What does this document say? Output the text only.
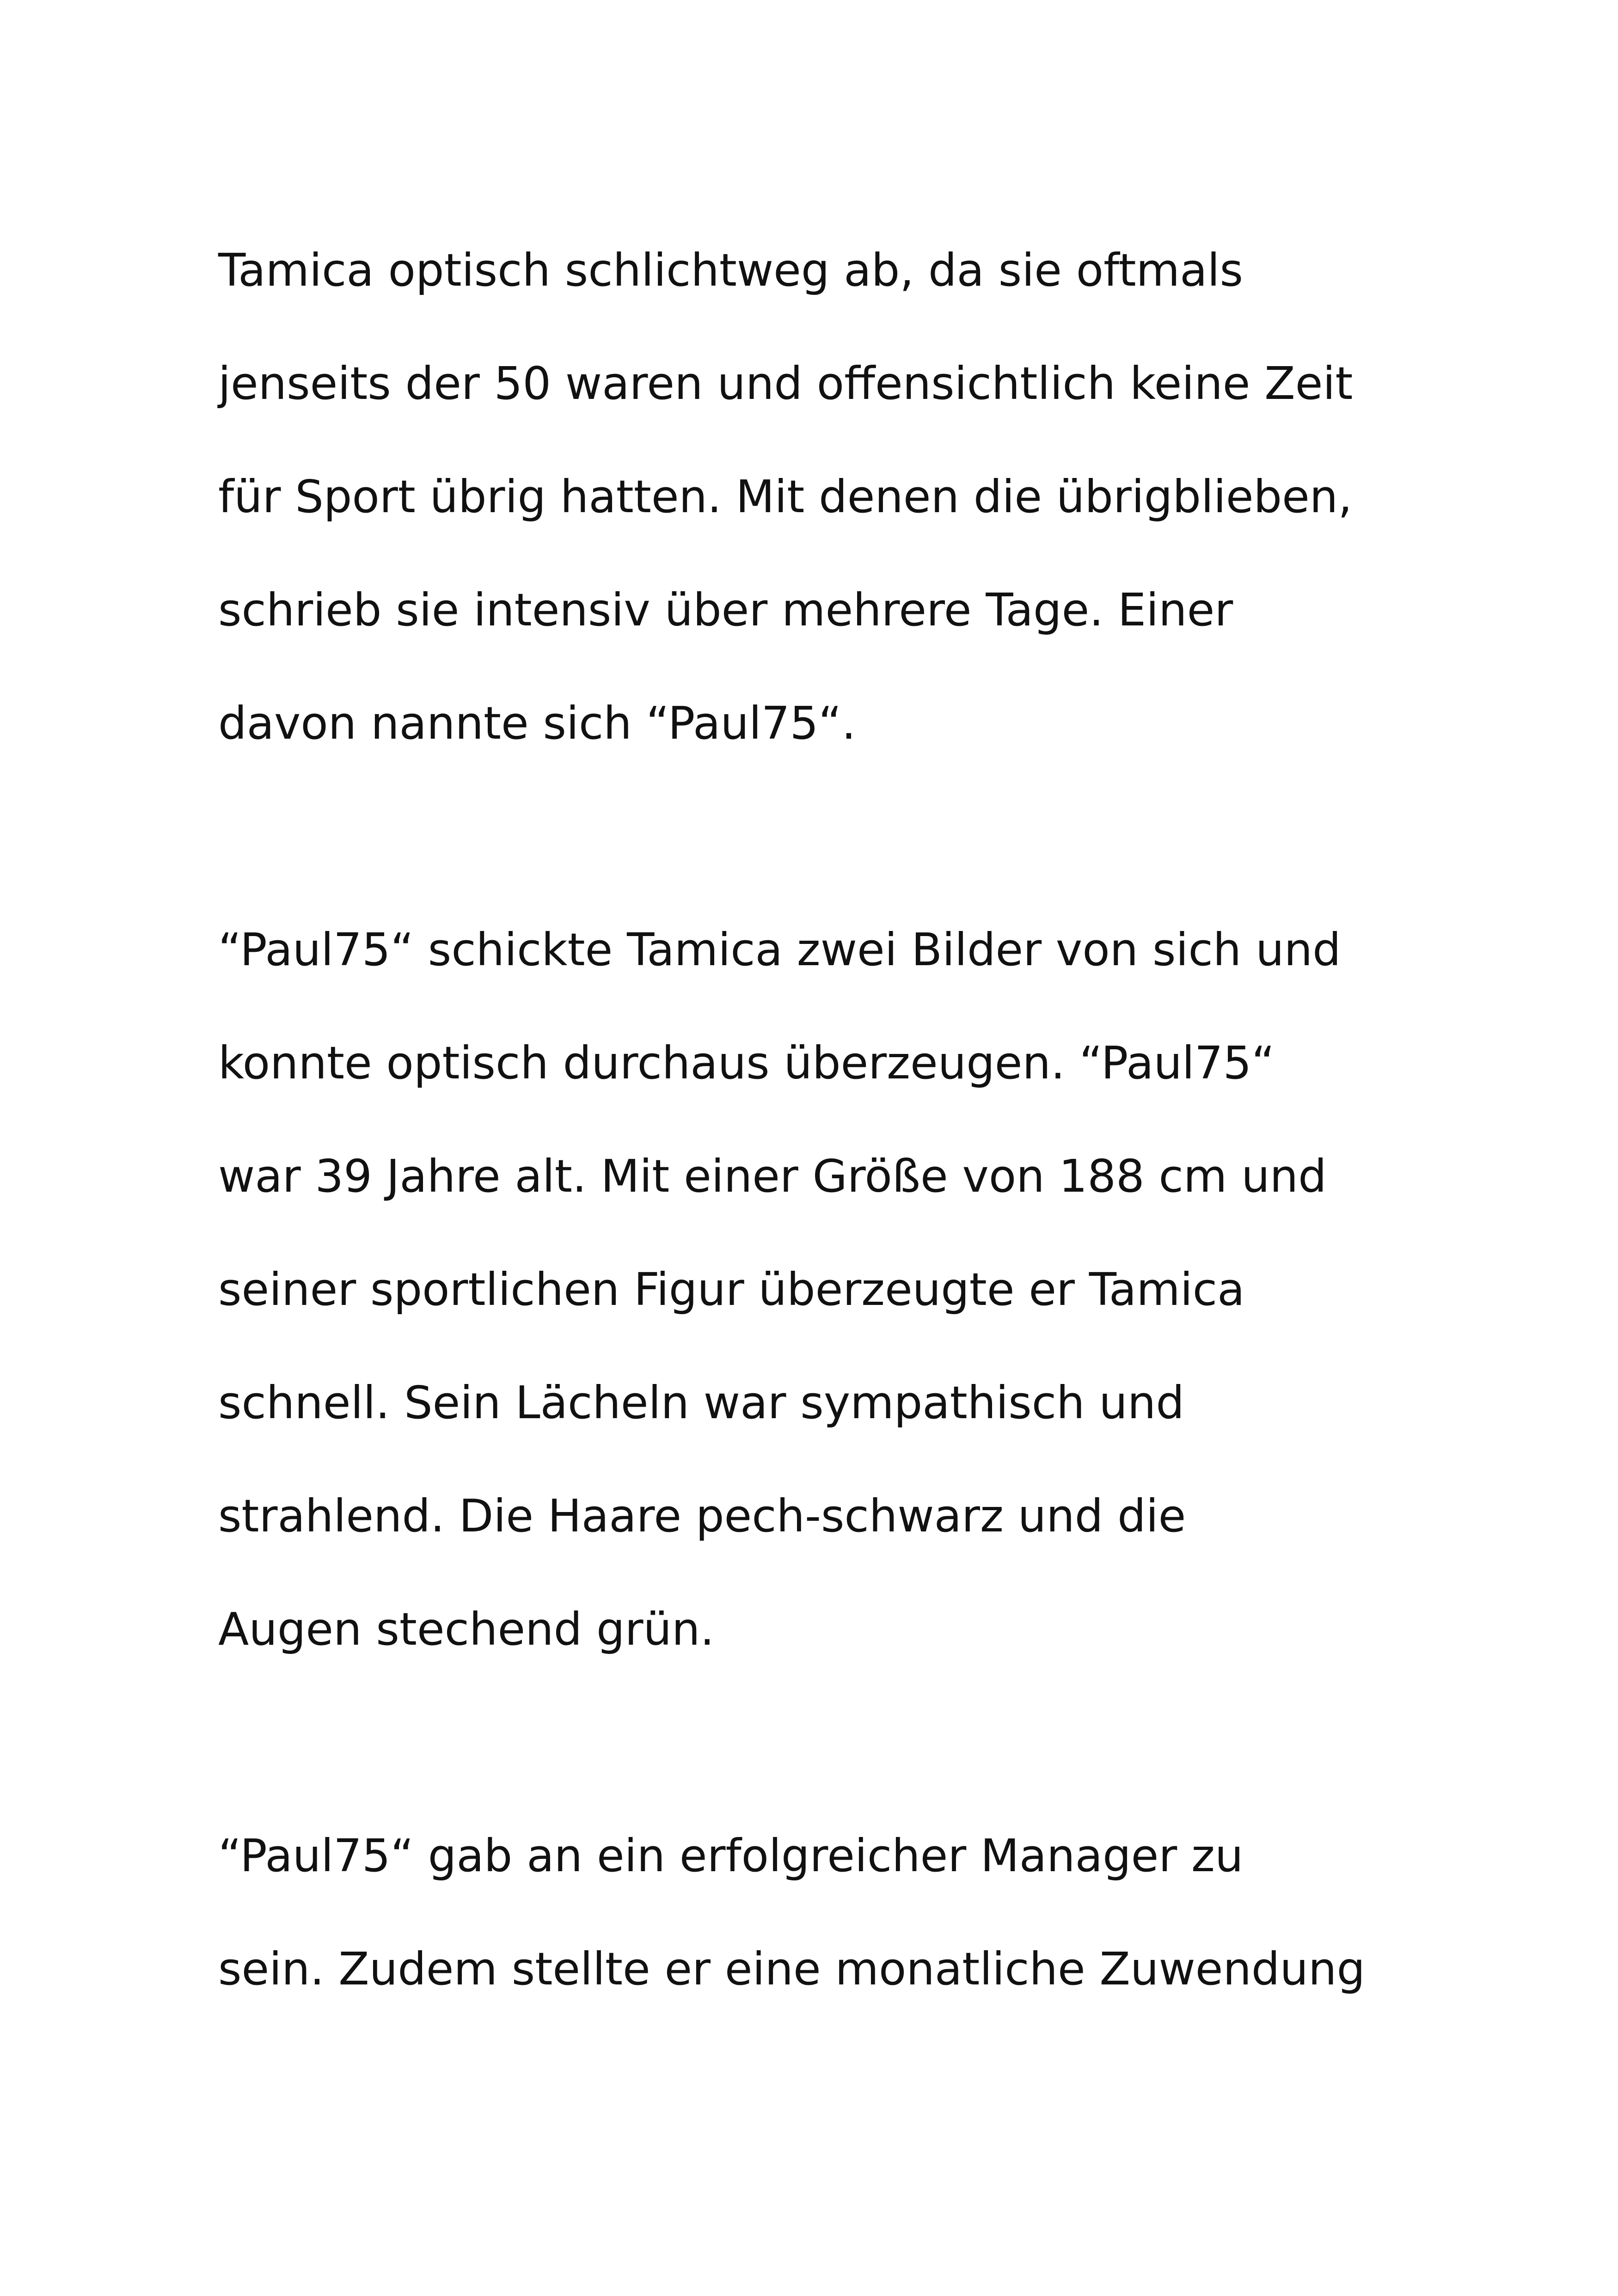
Tamica optisch schlichtweg ab, da sie oftmals
jenseits der 50 waren und offensichtlich keine Zeit
für Sport übrig hatten. Mit denen die übrigblieben,
schrieb sie intensiv über mehrere Tage. Einer
davon nannte sich “Paul75“.
“Paul75“ schickte Tamica zwei Bilder von sich und
konnte optisch durchaus überzeugen. “Paul75“
war 39 Jahre alt. Mit einer Größe von 188 cm und
seiner sportlichen Figur überzeugte er Tamica
schnell. Sein Lächeln war sympathisch und
strahlend. Die Haare pech-schwarz und die
Augen stechend grün.
“Paul75“ gab an ein erfolgreicher Manager zu
sein. Zudem stellte er eine monatliche Zuwendung
